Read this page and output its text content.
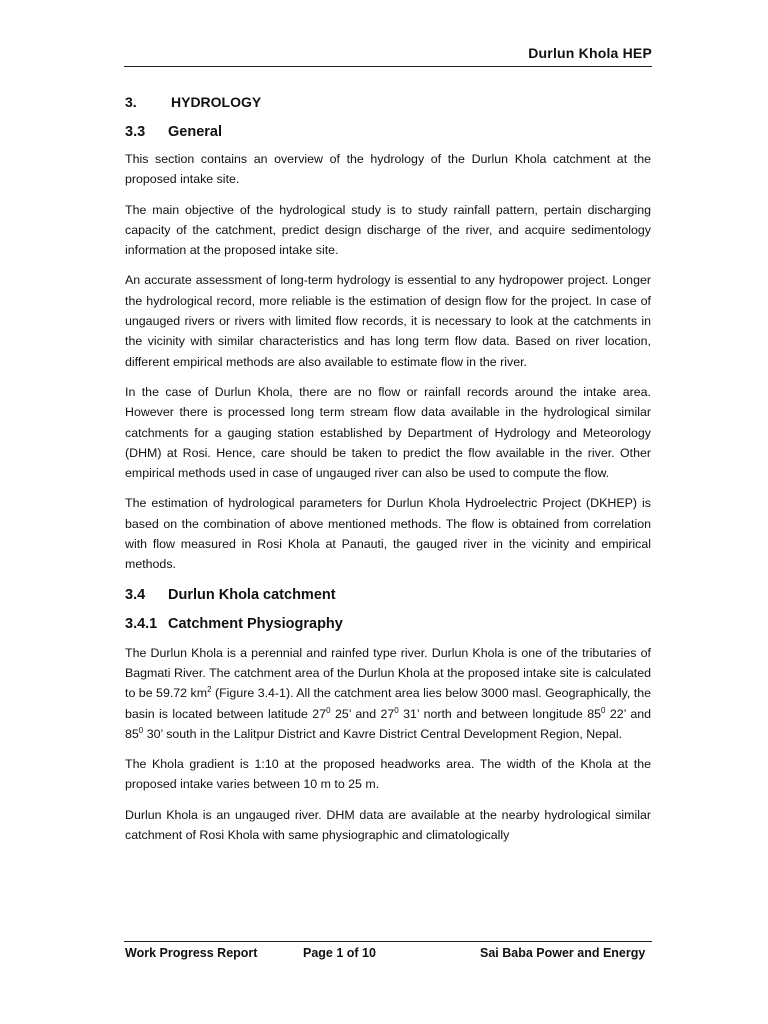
Durlun Khola HEP
3. HYDROLOGY
3.3 General

This section contains an overview of the hydrology of the Durlun Khola catchment at the proposed intake site.

The main objective of the hydrological study is to study rainfall pattern, pertain discharging capacity of the catchment, predict design discharge of the river, and acquire sedimentology information at the proposed intake site.

An accurate assessment of long-term hydrology is essential to any hydropower project. Longer the hydrological record, more reliable is the estimation of design flow for the project. In case of ungauged rivers or rivers with limited flow records, it is necessary to look at the catchments in the vicinity with similar characteristics and has long term flow data. Based on river location, different empirical methods are also available to estimate flow in the river.

In the case of Durlun Khola, there are no flow or rainfall records around the intake area. However there is processed long term stream flow data available in the hydrological similar catchments for a gauging station established by Department of Hydrology and Meteorology (DHM) at Rosi. Hence, care should be taken to predict the flow available in the river. Other empirical methods used in case of ungauged river can also be used to compute the flow.

The estimation of hydrological parameters for Durlun Khola Hydroelectric Project (DKHEP) is based on the combination of above mentioned methods. The flow is obtained from correlation with flow measured in Rosi Khola at Panauti, the gauged river in the vicinity and empirical methods.

3.4 Durlun Khola catchment
3.4.1 Catchment Physiography

The Durlun Khola is a perennial and rainfed type river. Durlun Khola is one of the tributaries of Bagmati River. The catchment area of the Durlun Khola at the proposed intake site is calculated to be 59.72 $km^2$ (Figure 3.4-1). All the catchment area lies below 3000 masl. Geographically, the basin is located between latitude $27^0$ 25’ and $27^0$ 31’ north and between longitude $85^0$ 22’ and $85^0$ 30’ south in the Lalitpur District and Kavre District Central Development Region, Nepal.

The Khola gradient is 1:10 at the proposed headworks area. The width of the Khola at the proposed intake varies between 10 m to 25 m.

Durlun Khola is an ungauged river. DHM data are available at the nearby hydrological similar catchment of Rosi Khola with same physiographic and climatologically

Work Progress Report	Page 1 of 10	Sai Baba Power and Energy
